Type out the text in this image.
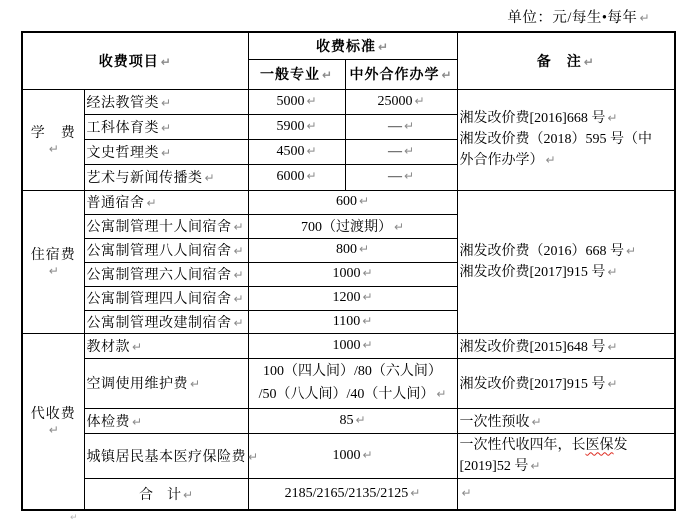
单位：元/每生•每年 ↵
收费项目 ↵		收费标准 ↵		备　注 ↵
		一般专业 ↵	中外合作办学 ↵	
学　费↵	经法教管类 ↵	5000 ↵	25000 ↵	湘发改价费[2016]668 号 ↵
湘发改价费（2018）595 号（中
外合作办学） ↵

	工科体育类 ↵	5900 ↵	— ↵	
	文史哲理类 ↵	4500 ↵	— ↵	
	艺术与新闻传播类 ↵	6000 ↵	— ↵	
住宿费↵	普通宿舍 ↵	600 ↵		湘发改价费（2016）668 号 ↵
湘发改价费[2017]915 号 ↵

	公寓制管理十人间宿舍 ↵	700（过渡期） ↵		
	公寓制管理八人间宿舍 ↵	800 ↵		
	公寓制管理六人间宿舍 ↵	1000 ↵		
	公寓制管理四人间宿舍 ↵	1200 ↵		
	公寓制管理改建制宿舍 ↵	1100 ↵		
代收费↵	教材款 ↵	1000 ↵		湘发改价费[2015]648 号 ↵
	空调使用维护费 ↵	100（四人间）/80（六人间）
/50（八人间）/40（十人间） ↵		湘发改价费[2017]915 号 ↵
	体检费 ↵	85 ↵		一次性预收 ↵
	城镇居民基本医疗保险费 ↵	1000 ↵		一次性代收四年，长医保发
[2019]52 号 ↵

	合　计 ↵	2185/2165/2135/2125 ↵		↵
↵
